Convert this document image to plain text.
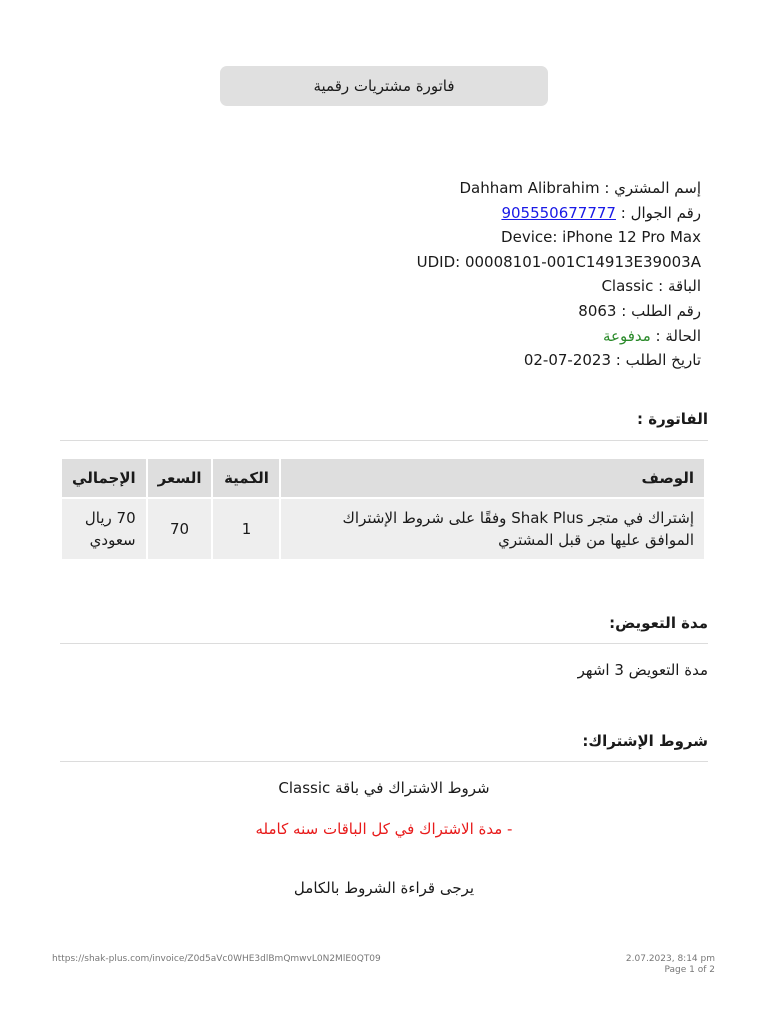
فاتورة مشتريات رقمية
إسم المشتري : Dahham Alibrahim
رقم الجوال : 905550677777
Device: iPhone 12 Pro Max
UDID: 00008101-001C14913E39003A
الباقة : Classic
رقم الطلب : 8063
الحالة : مدفوعة
تاريخ الطلب : 02-07-2023
الفاتورة :
الوصف	الكمية	السعر	الإجمالي
إشتراك في متجر Shak Plus وفقًا على شروط الإشتراك الموافق عليها من قبل المشتري	1	70	70 ريال سعودي
مدة التعويض:
مدة التعويض 3 اشهر
شروط الإشتراك:
شروط الاشتراك في باقة Classic
- مدة الاشتراك في كل الباقات سنه كامله
يرجى قراءة الشروط بالكامل
https://shak-plus.com/invoice/Z0d5aVc0WHE3dlBmQmwvL0N2MlE0QT09	2.07.2023, 8:14 pm
Page 1 of 2
